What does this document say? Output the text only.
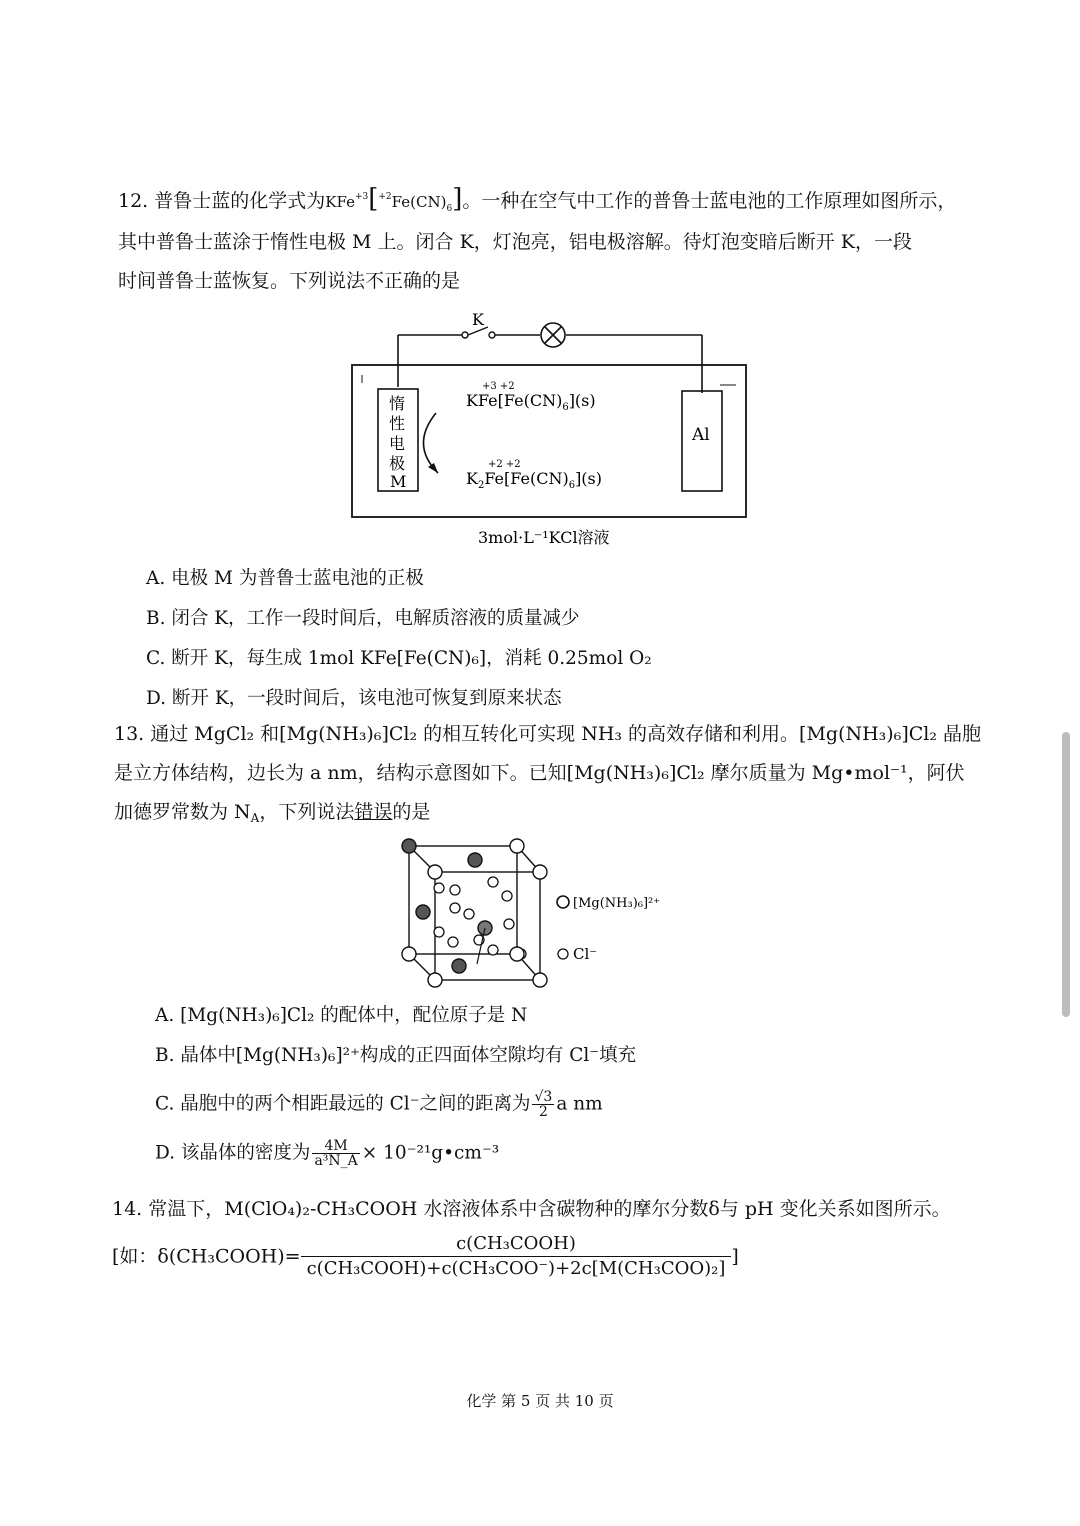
12. 普鲁士蓝的化学式为$KFe^{+3}[^{+2}Fe(CN)_6]$。一种在空气中工作的普鲁士蓝电池的工作原理如图所示，
其中普鲁士蓝涂于惰性电极 M 上。闭合 K，灯泡亮，铝电极溶解。待灯泡变暗后断开 K，一段
时间普鲁士蓝恢复。下列说法不正确的是
K
惰
性
电
极
M
Al
+3 +2
$KFe[Fe(CN)_6](s)$
+2 +2
$K_2Fe[Fe(CN)_6](s)$
3mol·L⁻¹KCl溶液
A. 电极 M 为普鲁士蓝电池的正极
B. 闭合 K，工作一段时间后，电解质溶液的质量减少
C. 断开 K，每生成 1mol KFe[Fe(CN)₆]，消耗 0.25mol O₂
D. 断开 K，一段时间后，该电池可恢复到原来状态
13. 通过 MgCl₂ 和[Mg(NH₃)₆]Cl₂ 的相互转化可实现 NH₃ 的高效存储和利用。[Mg(NH₃)₆]Cl₂ 晶胞
是立方体结构，边长为 a nm，结构示意图如下。已知[Mg(NH₃)₆]Cl₂ 摩尔质量为 Mg•mol⁻¹，阿伏
加德罗常数为 $N_A$，下列说法错误的是
[Mg(NH₃)₆]²⁺
Cl⁻
A. [Mg(NH₃)₆]Cl₂ 的配体中，配位原子是 N
B. 晶体中[Mg(NH₃)₆]²⁺构成的正四面体空隙均有 Cl⁻填充
C. 晶胞中的两个相距最远的 Cl⁻之间的距离为 $\frac{√3}{2}$ a nm
D. 该晶体的密度为 $\frac{4M}{\text{a³N\_A}}$ × 10⁻²¹g•cm⁻³
14. 常温下，M(ClO₄)₂-CH₃COOH 水溶液体系中含碳物种的摩尔分数δ与 pH 变化关系如图所示。
[如：δ(CH₃COOH)=
c(CH₃COOH)
c(CH₃COOH)+c(CH₃COO⁻)+2c[M(CH₃COO)₂]
]
化学 第 5 页 共 10 页
